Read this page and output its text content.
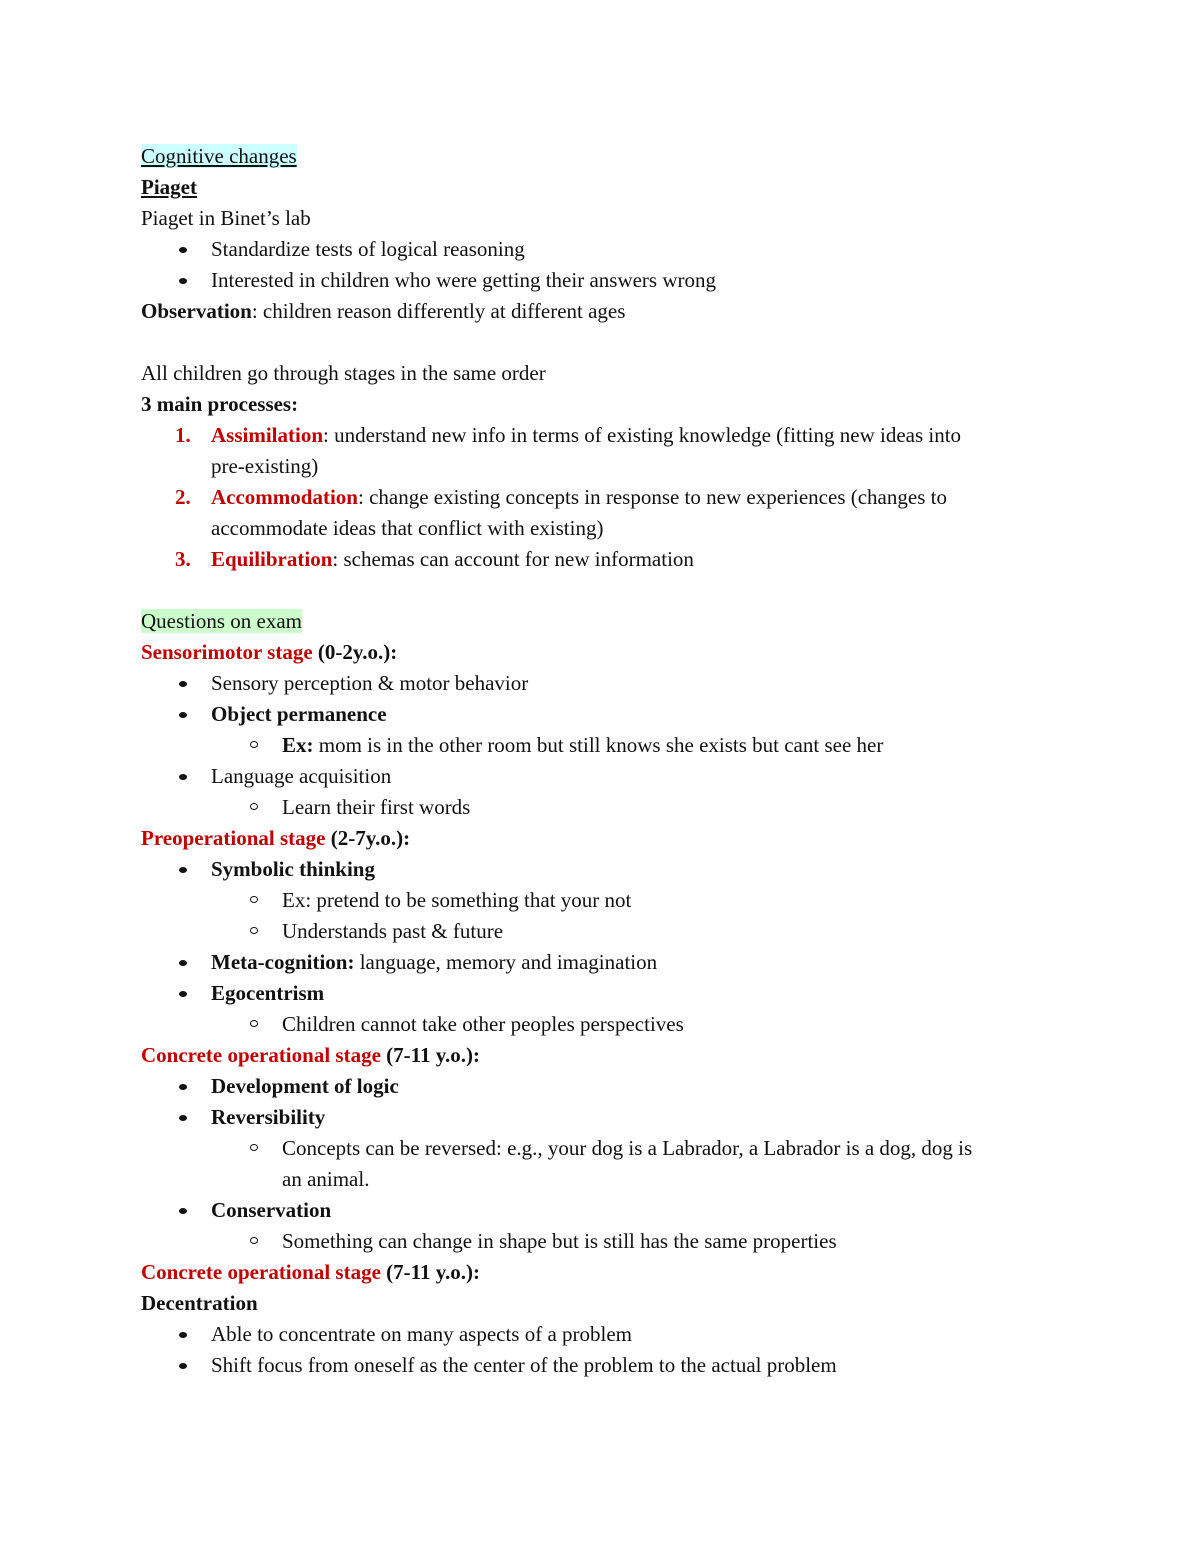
Cognitive changes
Piaget
Piaget in Binet’s lab
Standardize tests of logical reasoning
Interested in children who were getting their answers wrong
Observation: children reason differently at different ages
All children go through stages in the same order
3 main processes:
1. Assimilation: understand new info in terms of existing knowledge (fitting new ideas into
pre-existing)
2. Accommodation: change existing concepts in response to new experiences (changes to
accommodate ideas that conflict with existing)
3. Equilibration: schemas can account for new information
Questions on exam
Sensorimotor stage (0-2y.o.):
Sensory perception & motor behavior
Object permanence
Ex: mom is in the other room but still knows she exists but cant see her
Language acquisition
Learn their first words
Preoperational stage (2-7y.o.):
Symbolic thinking
Ex: pretend to be something that your not
Understands past & future
Meta-cognition: language, memory and imagination
Egocentrism
Children cannot take other peoples perspectives
Concrete operational stage (7-11 y.o.):
Development of logic
Reversibility
Concepts can be reversed: e.g., your dog is a Labrador, a Labrador is a dog, dog is
an animal.
Conservation
Something can change in shape but is still has the same properties
Concrete operational stage (7-11 y.o.):
Decentration
Able to concentrate on many aspects of a problem
Shift focus from oneself as the center of the problem to the actual problem
